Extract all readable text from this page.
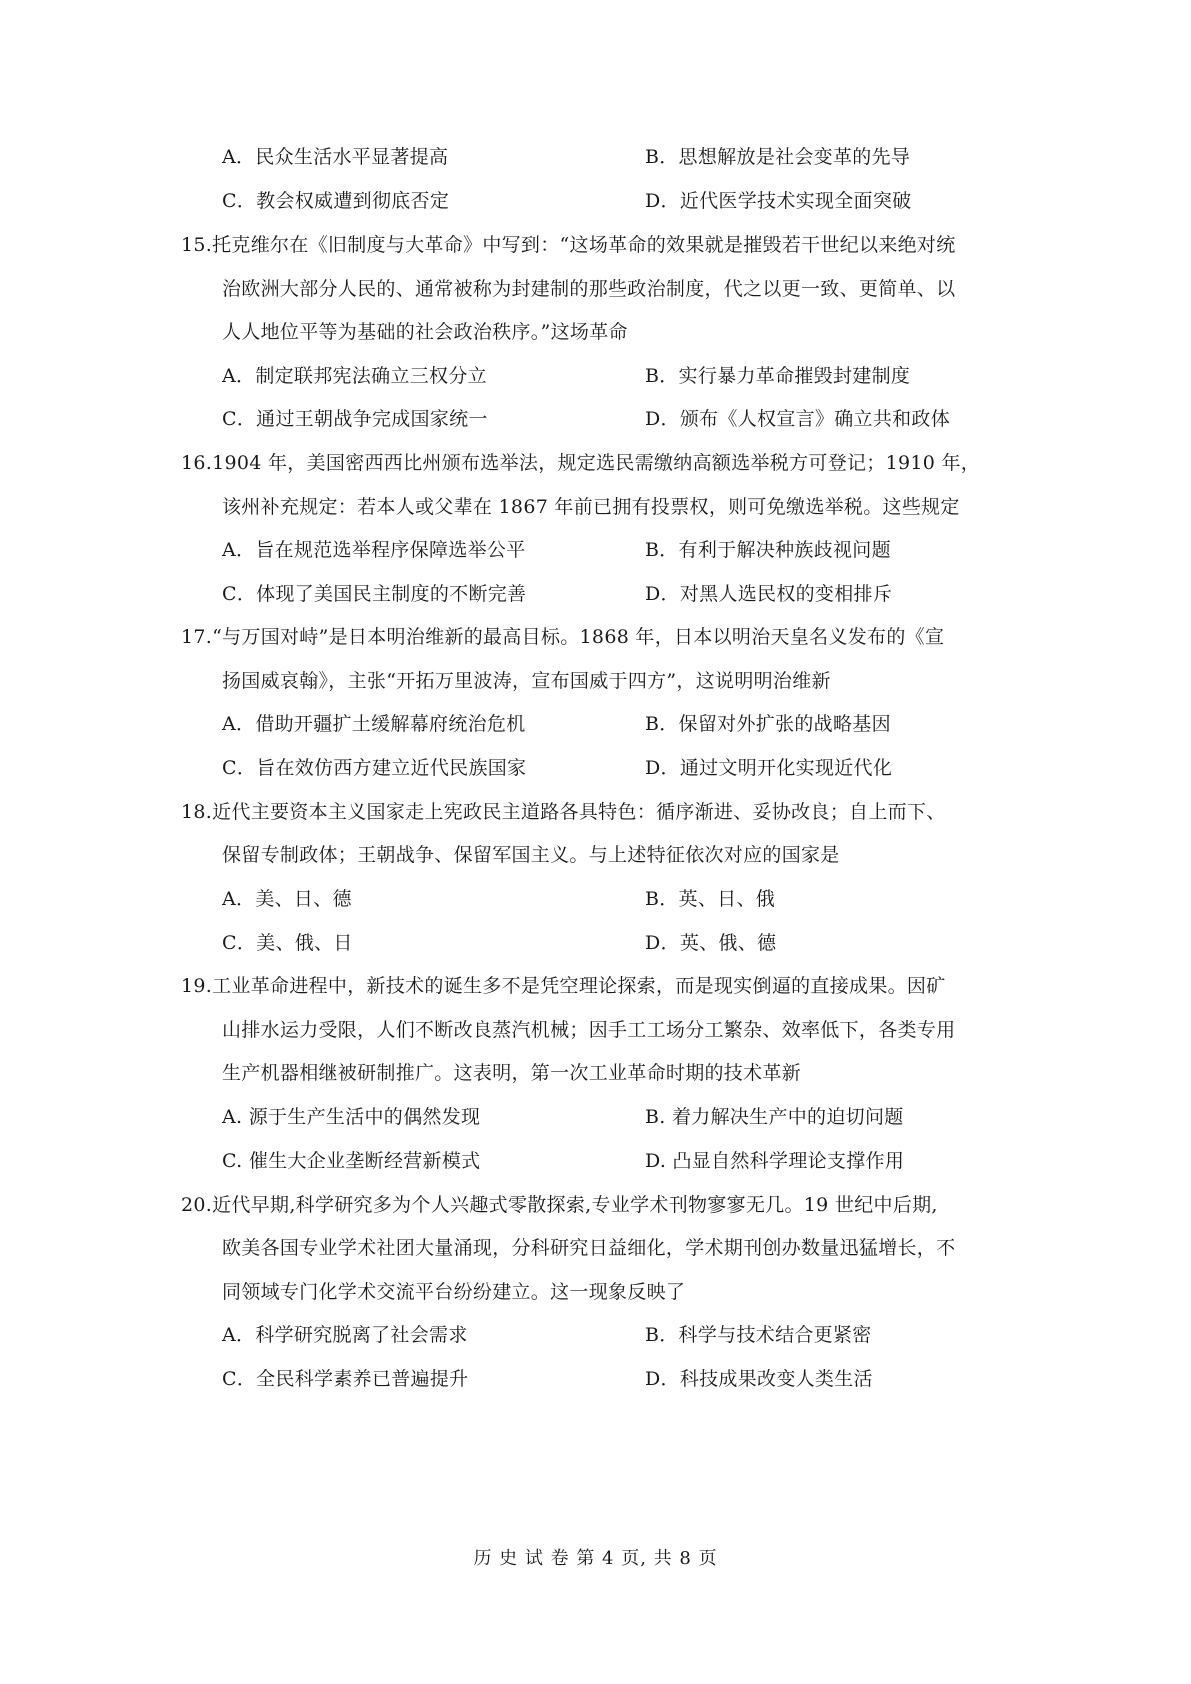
A．民众生活水平显著提高	B．思想解放是社会变革的先导
C．教会权威遭到彻底否定	D．近代医学技术实现全面突破
15.托克维尔在《旧制度与大革命》中写到：“这场革命的效果就是摧毁若干世纪以来绝对统
治欧洲大部分人民的、通常被称为封建制的那些政治制度，代之以更一致、更简单、以
人人地位平等为基础的社会政治秩序。”这场革命
A．制定联邦宪法确立三权分立	B．实行暴力革命摧毁封建制度
C．通过王朝战争完成国家统一	D．颁布《人权宣言》确立共和政体
16.1904 年，美国密西西比州颁布选举法，规定选民需缴纳高额选举税方可登记；1910 年，
该州补充规定：若本人或父辈在 1867 年前已拥有投票权，则可免缴选举税。这些规定
A．旨在规范选举程序保障选举公平	B．有利于解决种族歧视问题
C．体现了美国民主制度的不断完善	D．对黑人选民权的变相排斥
17.“与万国对峙”是日本明治维新的最高目标。1868 年，日本以明治天皇名义发布的《宣
扬国威哀翰》，主张“开拓万里波涛，宣布国威于四方”，这说明明治维新
A．借助开疆扩土缓解幕府统治危机	B．保留对外扩张的战略基因
C．旨在效仿西方建立近代民族国家	D．通过文明开化实现近代化
18.近代主要资本主义国家走上宪政民主道路各具特色：循序渐进、妥协改良；自上而下、
保留专制政体；王朝战争、保留军国主义。与上述特征依次对应的国家是
A．美、日、德	B．英、日、俄
C．美、俄、日	D．英、俄、德
19.工业革命进程中，新技术的诞生多不是凭空理论探索，而是现实倒逼的直接成果。因矿
山排水运力受限，人们不断改良蒸汽机械；因手工工场分工繁杂、效率低下，各类专用
生产机器相继被研制推广。这表明，第一次工业革命时期的技术革新
A. 源于生产生活中的偶然发现	B. 着力解决生产中的迫切问题
C. 催生大企业垄断经营新模式	D. 凸显自然科学理论支撑作用
20.近代早期,科学研究多为个人兴趣式零散探索,专业学术刊物寥寥无几。19 世纪中后期,
欧美各国专业学术社团大量涌现，分科研究日益细化，学术期刊创办数量迅猛增长，不
同领域专门化学术交流平台纷纷建立。这一现象反映了
A．科学研究脱离了社会需求	B．科学与技术结合更紧密
C．全民科学素养已普遍提升	D．科技成果改变人类生活
历 史 试 卷 第 4 页, 共 8 页
